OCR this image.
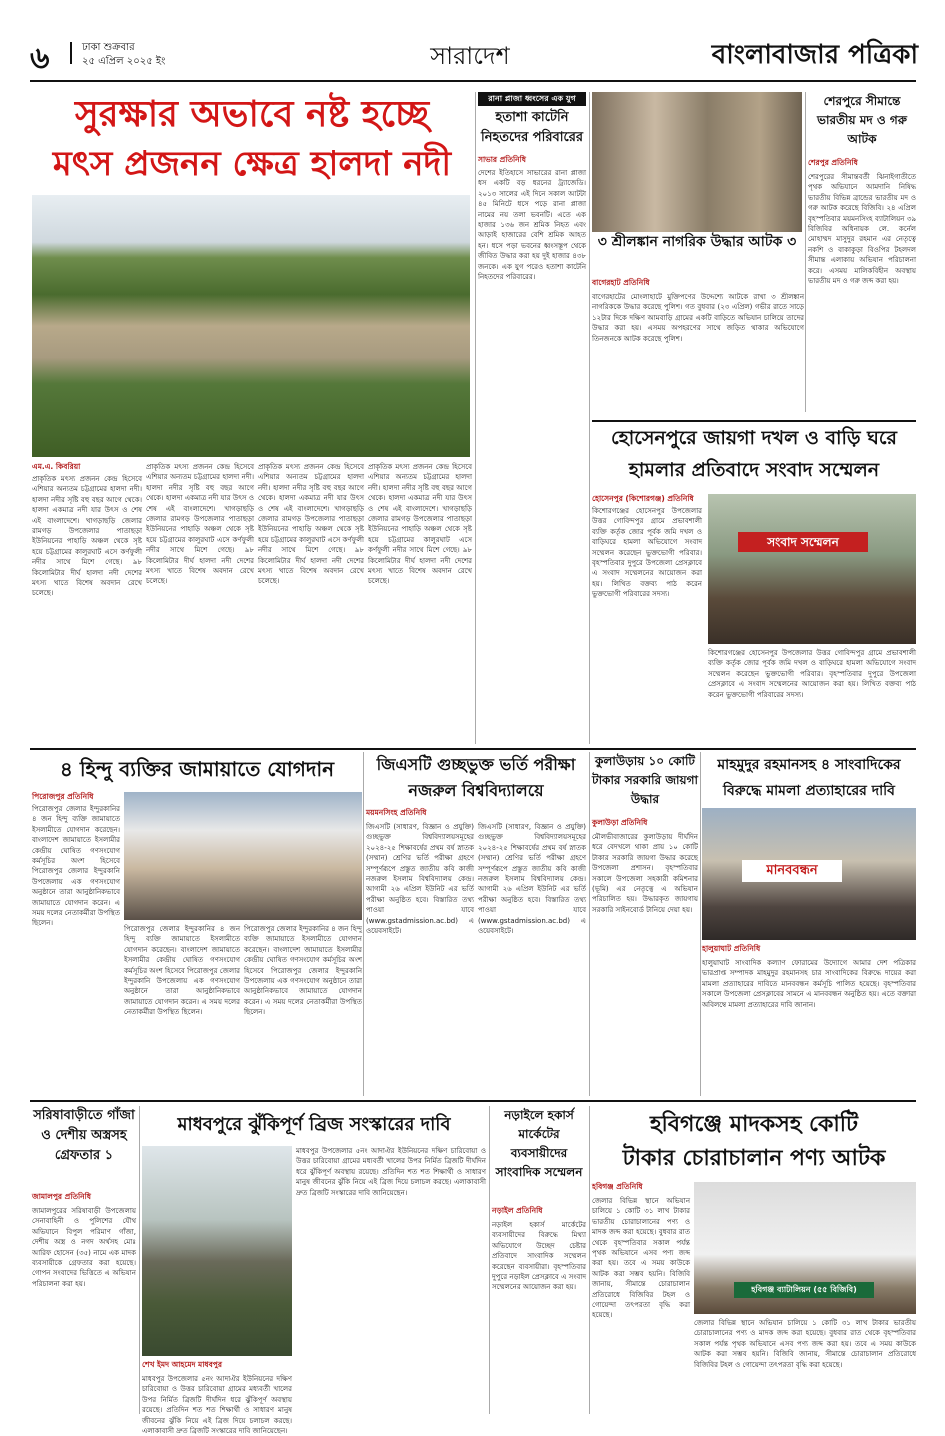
৬	ঢাকা শুক্রবার
২৫ এপ্রিল ২০২৫ ইং	সারাদেশ	বাংলাবাজার পত্রিকা
সুরক্ষার অভাবে নষ্ট হচ্ছে
মৎস প্রজনন ক্ষেত্র হালদা নদী
এম.এ. কিবরিয়া
প্রাকৃতিক মৎস্য প্রজনন কেন্দ্র হিসেবে এশিয়ার অন্যতম চট্টগ্রামের হালদা নদী। হালদা নদীর সৃষ্টি বহু বছর আগে থেকে। হালদা একমাত্র নদী যার উৎস ও শেষ এই বাংলাদেশে। খাগড়াছড়ি জেলার রামগড় উপজেলার পাতাছড়া ইউনিয়নের পাহাড়ি অঞ্চল থেকে সৃষ্ট হয়ে চট্টগ্রামের কালুরঘাট এসে কর্ণফুলী নদীর সাথে মিশে গেছে। ৯৮ কিলোমিটার দীর্ঘ হালদা নদী দেশের মৎস্য খাতে বিশেষ অবদান রেখে চলেছে।
প্রাকৃতিক মৎস্য প্রজনন কেন্দ্র হিসেবে এশিয়ার অন্যতম চট্টগ্রামের হালদা নদী। হালদা নদীর সৃষ্টি বহু বছর আগে থেকে। হালদা একমাত্র নদী যার উৎস ও শেষ এই বাংলাদেশে। খাগড়াছড়ি জেলার রামগড় উপজেলার পাতাছড়া ইউনিয়নের পাহাড়ি অঞ্চল থেকে সৃষ্ট হয়ে চট্টগ্রামের কালুরঘাট এসে কর্ণফুলী নদীর সাথে মিশে গেছে। ৯৮ কিলোমিটার দীর্ঘ হালদা নদী দেশের মৎস্য খাতে বিশেষ অবদান রেখে চলেছে।
প্রাকৃতিক মৎস্য প্রজনন কেন্দ্র হিসেবে এশিয়ার অন্যতম চট্টগ্রামের হালদা নদী। হালদা নদীর সৃষ্টি বহু বছর আগে থেকে। হালদা একমাত্র নদী যার উৎস ও শেষ এই বাংলাদেশে। খাগড়াছড়ি জেলার রামগড় উপজেলার পাতাছড়া ইউনিয়নের পাহাড়ি অঞ্চল থেকে সৃষ্ট হয়ে চট্টগ্রামের কালুরঘাট এসে কর্ণফুলী নদীর সাথে মিশে গেছে। ৯৮ কিলোমিটার দীর্ঘ হালদা নদী দেশের মৎস্য খাতে বিশেষ অবদান রেখে চলেছে।
প্রাকৃতিক মৎস্য প্রজনন কেন্দ্র হিসেবে এশিয়ার অন্যতম চট্টগ্রামের হালদা নদী। হালদা নদীর সৃষ্টি বহু বছর আগে থেকে। হালদা একমাত্র নদী যার উৎস ও শেষ এই বাংলাদেশে। খাগড়াছড়ি জেলার রামগড় উপজেলার পাতাছড়া ইউনিয়নের পাহাড়ি অঞ্চল থেকে সৃষ্ট হয়ে চট্টগ্রামের কালুরঘাট এসে কর্ণফুলী নদীর সাথে মিশে গেছে। ৯৮ কিলোমিটার দীর্ঘ হালদা নদী দেশের মৎস্য খাতে বিশেষ অবদান রেখে চলেছে।
রানা প্লাজা ধ্বংসের এক যুগ
হতাশা কাটেনি নিহতদের পরিবারের
সাভার প্রতিনিধি
দেশের ইতিহাসে সাভারের রানা প্লাজা ধস একটি বড় ধরনের ট্র্যাজেডি। ২০১৩ সালের এই দিনে সকাল আটটা ৪৫ মিনিটে ধসে পড়ে রানা প্লাজা নামের নয় তলা ভবনটি। এতে এক হাজার ১৩৬ জন শ্রমিক নিহত এবং আড়াই হাজারের বেশি শ্রমিক আহত হন। ধসে পড়া ভবনের ধ্বংসস্তূপ থেকে জীবিত উদ্ধার করা হয় দুই হাজার ৪৩৮ জনকে। এক যুগ পরেও হতাশা কাটেনি নিহতদের পরিবারের।
৩ শ্রীলঙ্কান নাগরিক উদ্ধার আটক ৩
বাগেরহাট প্রতিনিধি
বাগেরহাটের মোংলাহাটে মুক্তিপণের উদ্দেশ্যে আটকে রাখা ৩ শ্রীলঙ্কান নাগরিককে উদ্ধার করেছে পুলিশ। গত বুধবার (২৩ এপ্রিল) গভীর রাতে সাড়ে ১২টার দিকে দক্ষিণ আমবাড়ি গ্রামের একটি বাড়িতে অভিযান চালিয়ে তাদের উদ্ধার করা হয়। এসময় অপহরণের সাথে জড়িত থাকার অভিযোগে তিনজনকে আটক করেছে পুলিশ।
শেরপুরে সীমান্তে ভারতীয় মদ ও গরু আটক
শেরপুর প্রতিনিধি
শেরপুরের সীমান্তবর্তী ঝিনাইগাতীতে পৃথক অভিযানে আমদানি নিষিদ্ধ ভারতীয় বিভিন্ন ব্রান্ডের ভারতীয় মদ ও গরু আটক করেছে বিজিবি। ২৪ এপ্রিল বৃহস্পতিবার ময়মনসিংহ ব্যাটালিয়ন ৩৯ বিজিবির অধিনায়ক লে. কর্নেল মোহাম্মদ মাসুদুর রহমান এর নেতৃত্বে নকশি ও বাকাকুড়া বিওপির টহলদল সীমান্ত এলাকায় অভিযান পরিচালনা করে। এসময় মালিকবিহীন অবস্থায় ভারতীয় মদ ও গরু জব্দ করা হয়।
হোসেনপুরে জায়গা দখল ও বাড়ি ঘরে
হামলার প্রতিবাদে সংবাদ সম্মেলন
হোসেনপুর (কিশোরগঞ্জ) প্রতিনিধি
কিশোরগঞ্জের হোসেনপুর উপজেলার উত্তর গোবিন্দপুর গ্রামে প্রভাবশালী ব্যক্তি কর্তৃক জোর পূর্বক জমি দখল ও বাড়িঘরে হামলা অভিযোগে সংবাদ সম্মেলন করেছেন ভুক্তভোগী পরিবার। বৃহস্পতিবার দুপুরে উপজেলা প্রেসক্লাবে এ সংবাদ সম্মেলনের আয়োজন করা হয়। লিখিত বক্তব্য পাঠ করেন ভুক্তভোগী পরিবারের সদস্য।
সংবাদ সম্মেলন
কিশোরগঞ্জের হোসেনপুর উপজেলার উত্তর গোবিন্দপুর গ্রামে প্রভাবশালী ব্যক্তি কর্তৃক জোর পূর্বক জমি দখল ও বাড়িঘরে হামলা অভিযোগে সংবাদ সম্মেলন করেছেন ভুক্তভোগী পরিবার। বৃহস্পতিবার দুপুরে উপজেলা প্রেসক্লাবে এ সংবাদ সম্মেলনের আয়োজন করা হয়। লিখিত বক্তব্য পাঠ করেন ভুক্তভোগী পরিবারের সদস্য।
৪ হিন্দু ব্যক্তির জামায়াতে যোগদান
পিরোজপুর প্রতিনিধি
পিরোজপুর জেলার ইন্দুরকানির ৪ জন হিন্দু ব্যক্তি জামায়াতে ইসলামীতে যোগদান করেছেন। বাংলাদেশ জামায়াতে ইসলামীর কেন্দ্রীয় ঘোষিত গণসংযোগ কর্মসূচির অংশ হিসেবে পিরোজপুর জেলার ইন্দুরকানি উপজেলায় এক গণসংযোগ অনুষ্ঠানে তারা আনুষ্ঠানিকভাবে জামায়াতে যোগদান করেন। এ সময় দলের নেতাকর্মীরা উপস্থিত ছিলেন।
পিরোজপুর জেলার ইন্দুরকানির ৪ জন হিন্দু ব্যক্তি জামায়াতে ইসলামীতে যোগদান করেছেন। বাংলাদেশ জামায়াতে ইসলামীর কেন্দ্রীয় ঘোষিত গণসংযোগ কর্মসূচির অংশ হিসেবে পিরোজপুর জেলার ইন্দুরকানি উপজেলায় এক গণসংযোগ অনুষ্ঠানে তারা আনুষ্ঠানিকভাবে জামায়াতে যোগদান করেন। এ সময় দলের নেতাকর্মীরা উপস্থিত ছিলেন।
পিরোজপুর জেলার ইন্দুরকানির ৪ জন হিন্দু ব্যক্তি জামায়াতে ইসলামীতে যোগদান করেছেন। বাংলাদেশ জামায়াতে ইসলামীর কেন্দ্রীয় ঘোষিত গণসংযোগ কর্মসূচির অংশ হিসেবে পিরোজপুর জেলার ইন্দুরকানি উপজেলায় এক গণসংযোগ অনুষ্ঠানে তারা আনুষ্ঠানিকভাবে জামায়াতে যোগদান করেন। এ সময় দলের নেতাকর্মীরা উপস্থিত ছিলেন।
জিএসটি গুচ্ছভুক্ত ভর্তি পরীক্ষা
নজরুল বিশ্ববিদ্যালয়ে
ময়মনসিংহ প্রতিনিধি
জিএসটি (সাধারণ, বিজ্ঞান ও প্রযুক্তি) গুচ্ছভুক্ত বিশ্ববিদ্যালয়সমূহের ২০২৪-২৫ শিক্ষাবর্ষের প্রথম বর্ষ স্নাতক (সম্মান) শ্রেণির ভর্তি পরীক্ষা গ্রহণে সম্পূর্ণরূপে প্রস্তুত জাতীয় কবি কাজী নজরুল ইসলাম বিশ্ববিদ্যালয় কেন্দ্র। আগামী ২৬ এপ্রিল ইউনিট এর ভর্তি পরীক্ষা অনুষ্ঠিত হবে। বিস্তারিত তথ্য পাওয়া যাবে (www.gstadmission.ac.bd) এ ওয়েবসাইটে।
জিএসটি (সাধারণ, বিজ্ঞান ও প্রযুক্তি) গুচ্ছভুক্ত বিশ্ববিদ্যালয়সমূহের ২০২৪-২৫ শিক্ষাবর্ষের প্রথম বর্ষ স্নাতক (সম্মান) শ্রেণির ভর্তি পরীক্ষা গ্রহণে সম্পূর্ণরূপে প্রস্তুত জাতীয় কবি কাজী নজরুল ইসলাম বিশ্ববিদ্যালয় কেন্দ্র। আগামী ২৬ এপ্রিল ইউনিট এর ভর্তি পরীক্ষা অনুষ্ঠিত হবে। বিস্তারিত তথ্য পাওয়া যাবে (www.gstadmission.ac.bd) এ ওয়েবসাইটে।
কুলাউড়ায় ১০ কোটি টাকার সরকারি জায়গা উদ্ধার
কুলাউড়া প্রতিনিধি
মৌলভীবাজারের কুলাউড়ায় দীর্ঘদিন ধরে বেদখলে থাকা প্রায় ১০ কোটি টাকার সরকারি জায়গা উদ্ধার করেছে উপজেলা প্রশাসন। বৃহস্পতিবার সকালে উপজেলা সহকারী কমিশনার (ভূমি) এর নেতৃত্বে এ অভিযান পরিচালিত হয়। উদ্ধারকৃত জায়গায় সরকারি সাইনবোর্ড টানিয়ে দেয়া হয়।
মাহমুদুর রহমানসহ ৪ সাংবাদিকের
বিরুদ্ধে মামলা প্রত্যাহারের দাবি
মানববন্ধন
হালুয়াঘাট প্রতিনিধি
হালুয়াঘাট সাংবাদিক কল্যাণ ফোরামের উদ্যোগে আমার দেশ পত্রিকার ভারপ্রাপ্ত সম্পাদক মাহমুদুর রহমানসহ চার সাংবাদিকের বিরুদ্ধে দায়ের করা মামলা প্রত্যাহারের দাবিতে মানববন্ধন কর্মসূচি পালিত হয়েছে। বৃহস্পতিবার সকালে উপজেলা প্রেসক্লাবের সামনে এ মানববন্ধন অনুষ্ঠিত হয়। এতে বক্তারা অবিলম্বে মামলা প্রত্যাহারের দাবি জানান।
সরিষাবাড়ীতে গাঁজা ও দেশীয় অস্ত্রসহ গ্রেফতার ১
জামালপুর প্রতিনিধি
জামালপুরের সরিষাবাড়ী উপজেলায় সেনাবাহিনী ও পুলিশের যৌথ অভিযানে বিপুল পরিমাণ গাঁজা, দেশীয় অস্ত্র ও নগদ অর্থসহ মোঃ আরিফ হোসেন (৩৫) নামে এক মাদক ব্যবসায়ীকে গ্রেফতার করা হয়েছে। গোপন সংবাদের ভিত্তিতে এ অভিযান পরিচালনা করা হয়।
মাধবপুরে ঝুঁকিপূর্ণ ব্রিজ সংস্কারের দাবি
শেখ ইমদ আহমেদ মাধবপুর
মাধবপুর উপজেলার ৫নং আদাঐর ইউনিয়নের দক্ষিণ চারিবোয়া ও উত্তর চারিবোয়া গ্রামের মধ্যবর্তী খালের উপর নির্মিত ব্রিজটি দীর্ঘদিন ধরে ঝুঁকিপূর্ণ অবস্থায় রয়েছে। প্রতিদিন শত শত শিক্ষার্থী ও সাধারণ মানুষ জীবনের ঝুঁকি নিয়ে এই ব্রিজ দিয়ে চলাচল করছে। এলাকাবাসী দ্রুত ব্রিজটি সংস্কারের দাবি জানিয়েছেন।
মাধবপুর উপজেলার ৫নং আদাঐর ইউনিয়নের দক্ষিণ চারিবোয়া ও উত্তর চারিবোয়া গ্রামের মধ্যবর্তী খালের উপর নির্মিত ব্রিজটি দীর্ঘদিন ধরে ঝুঁকিপূর্ণ অবস্থায় রয়েছে। প্রতিদিন শত শত শিক্ষার্থী ও সাধারণ মানুষ জীবনের ঝুঁকি নিয়ে এই ব্রিজ দিয়ে চলাচল করছে। এলাকাবাসী দ্রুত ব্রিজটি সংস্কারের দাবি জানিয়েছেন।
নড়াইলে হকার্স মার্কেটের ব্যবসায়ীদের সাংবাদিক সম্মেলন
নড়াইল প্রতিনিধি
নড়াইল হকার্স মার্কেটের ব্যবসায়ীদের বিরুদ্ধে মিথ্যা অভিযোগে উচ্ছেদ চেষ্টার প্রতিবাদে সাংবাদিক সম্মেলন করেছেন ব্যবসায়ীরা। বৃহস্পতিবার দুপুরে নড়াইল প্রেসক্লাবে এ সংবাদ সম্মেলনের আয়োজন করা হয়।
হবিগঞ্জে মাদকসহ কোটি
টাকার চোরাচালান পণ্য আটক
হবিগঞ্জ প্রতিনিধি
জেলার বিভিন্ন স্থানে অভিযান চালিয়ে ১ কোটি ৩১ লাখ টাকার ভারতীয় চোরাচালানের পণ্য ও মাদক জব্দ করা হয়েছে। বুধবার রাত থেকে বৃহস্পতিবার সকাল পর্যন্ত পৃথক অভিযানে এসব পণ্য জব্দ করা হয়। তবে এ সময় কাউকে আটক করা সম্ভব হয়নি। বিজিবি জানায়, সীমান্তে চোরাচালান প্রতিরোধে বিজিবির টহল ও গোয়েন্দা তৎপরতা বৃদ্ধি করা হয়েছে।
হবিগঞ্জ ব্যাটালিয়ন (৫৫ বিজিবি)
জেলার বিভিন্ন স্থানে অভিযান চালিয়ে ১ কোটি ৩১ লাখ টাকার ভারতীয় চোরাচালানের পণ্য ও মাদক জব্দ করা হয়েছে। বুধবার রাত থেকে বৃহস্পতিবার সকাল পর্যন্ত পৃথক অভিযানে এসব পণ্য জব্দ করা হয়। তবে এ সময় কাউকে আটক করা সম্ভব হয়নি। বিজিবি জানায়, সীমান্তে চোরাচালান প্রতিরোধে বিজিবির টহল ও গোয়েন্দা তৎপরতা বৃদ্ধি করা হয়েছে।
